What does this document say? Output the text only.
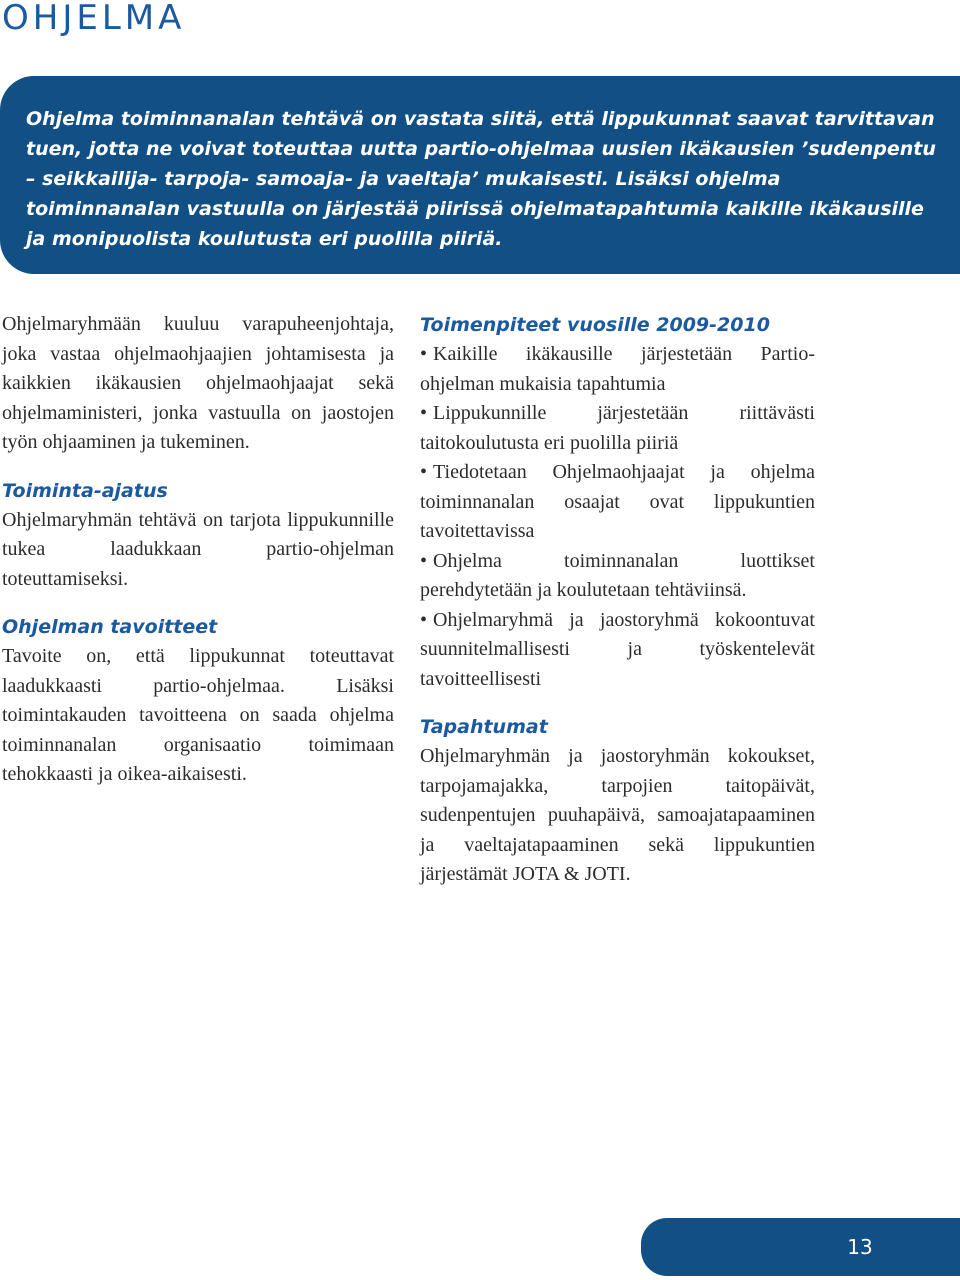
OHJELMA

Ohjelma toiminnanalan tehtävä on vastata siitä, että lippukunnat saavat tarvittavan tuen, jotta ne voivat toteuttaa uutta partio-ohjelmaa uusien ikäkausien ’sudenpentu – seikkailija- tarpoja- samoaja- ja vaeltaja’ mukaisesti. Lisäksi ohjelma toiminnanalan vastuulla on järjestää piirissä ohjelmatapahtumia kaikille ikäkausille ja monipuolista koulutusta eri puolilla piiriä.

Ohjelmaryhmään kuuluu varapuheenjohtaja, joka vastaa ohjelmaohjaajien johtamisesta ja kaikkien ikäkausien ohjelmaohjaajat sekä ohjelmaministeri, jonka vastuulla on jaostojen työn ohjaaminen ja tukeminen.

Toiminta-ajatus

Ohjelmaryhmän tehtävä on tarjota lippukunnille tukea laadukkaan partio-ohjelman toteuttamiseksi.

Ohjelman tavoitteet

Tavoite on, että lippukunnat toteuttavat laadukkaasti partio-ohjelmaa. Lisäksi toimintakauden tavoitteena on saada ohjelma toiminnanalan organisaatio toimimaan tehokkaasti ja oikea-aikaisesti.

Toimenpiteet vuosille 2009-2010
• Kaikille ikäkausille järjestetään Partio-ohjelman mukaisia tapahtumia
• Lippukunnille järjestetään riittävästi taitokoulutusta eri puolilla piiriä
• Tiedotetaan Ohjelmaohjaajat ja ohjelma toiminnanalan osaajat ovat lippukuntien tavoitettavissa
• Ohjelma toiminnanalan luottikset perehdytetään ja koulutetaan tehtäviinsä.
• Ohjelmaryhmä ja jaostoryhmä kokoontuvat suunnitelmallisesti ja työskentelevät tavoitteellisesti
Tapahtumat

Ohjelmaryhmän ja jaostoryhmän kokoukset, tarpojamajakka, tarpojien taitopäivät, sudenpentujen puuhapäivä, samoajatapaaminen ja vaeltajatapaaminen sekä lippukuntien järjestämät JOTA & JOTI.

13
